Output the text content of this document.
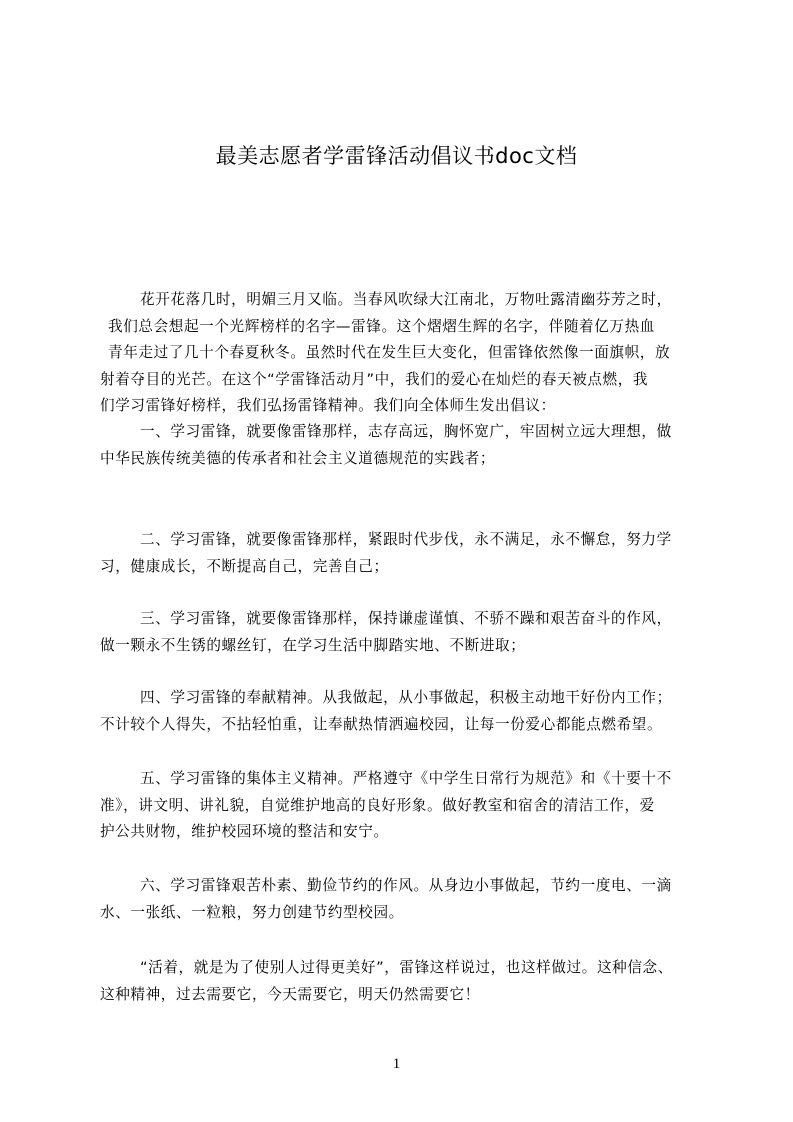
最美志愿者学雷锋活动倡议书doc文档

花开花落几时，明媚三月又临。当春风吹绿大江南北，万物吐露清幽芬芳之时，
我们总会想起一个光辉榜样的名字—雷锋。这个熠熠生辉的名字，伴随着亿万热血
青年走过了几十个春夏秋冬。虽然时代在发生巨大变化，但雷锋依然像一面旗帜，放
射着夺目的光芒。在这个“学雷锋活动月”中，我们的爱心在灿烂的春天被点燃，我
们学习雷锋好榜样，我们弘扬雷锋精神。我们向全体师生发出倡议：

一、学习雷锋，就要像雷锋那样，志存高远，胸怀宽广，牢固树立远大理想，做
中华民族传统美德的传承者和社会主义道德规范的实践者；

二、学习雷锋，就要像雷锋那样，紧跟时代步伐，永不满足，永不懈怠，努力学
习，健康成长，不断提高自己，完善自己；

三、学习雷锋，就要像雷锋那样，保持谦虚谨慎、不骄不躁和艰苦奋斗的作风，
做一颗永不生锈的螺丝钉，在学习生活中脚踏实地、不断进取；

四、学习雷锋的奉献精神。从我做起，从小事做起，积极主动地干好份内工作；
不计较个人得失，不拈轻怕重，让奉献热情洒遍校园，让每一份爱心都能点燃希望。

五、学习雷锋的集体主义精神。严格遵守《中学生日常行为规范》和《十要十不
准》，讲文明、讲礼貌，自觉维护地高的良好形象。做好教室和宿舍的清洁工作，爱
护公共财物，维护校园环境的整洁和安宁。

六、学习雷锋艰苦朴素、勤俭节约的作风。从身边小事做起，节约一度电、一滴
水、一张纸、一粒粮，努力创建节约型校园。

“活着，就是为了使别人过得更美好”，雷锋这样说过，也这样做过。这种信念、
这种精神，过去需要它，今天需要它，明天仍然需要它！

1
